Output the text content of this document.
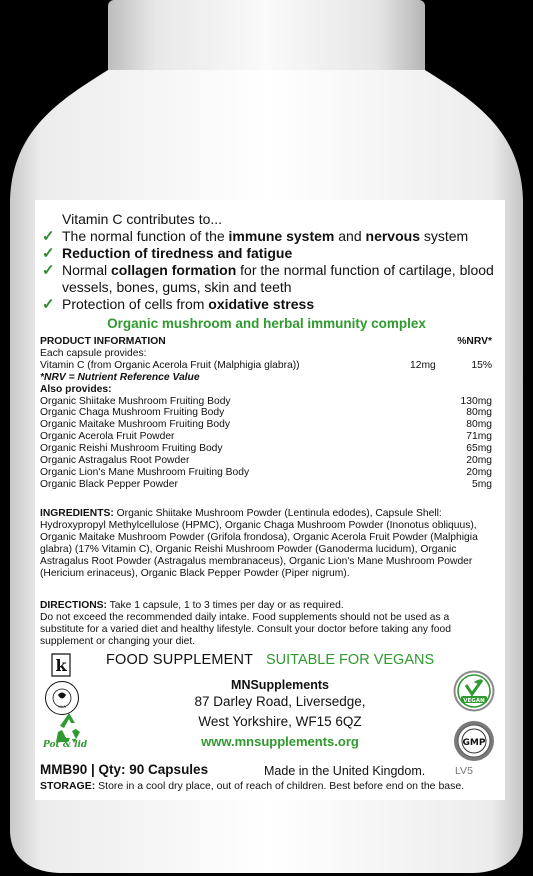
Vitamin C contributes to...
✓ The normal function of the immune system and nervous system
✓ Reduction of tiredness and fatigue
✓ Normal collagen formation for the normal function of cartilage, blood vessels, bones, gums, skin and teeth
✓ Protection of cells from oxidative stress
Organic mushroom and herbal immunity complex
PRODUCT INFORMATION	%NRV*
Each capsule provides:
Vitamin C (from Organic Acerola Fruit (Malphigia glabra))	12mg	15%
*NRV = Nutrient Reference Value
Also provides:
Organic Shiitake Mushroom Fruiting Body	130mg
Organic Chaga Mushroom Fruiting Body	80mg
Organic Maitake Mushroom Fruiting Body	80mg
Organic Acerola Fruit Powder	71mg
Organic Reishi Mushroom Fruiting Body	65mg
Organic Astragalus Root Powder	20mg
Organic Lion's Mane Mushroom Fruiting Body	20mg
Organic Black Pepper Powder	5mg
INGREDIENTS: Organic Shiitake Mushroom Powder (Lentinula edodes), Capsule Shell: Hydroxypropyl Methylcellulose (HPMC), Organic Chaga Mushroom Powder (Inonotus obliquus), Organic Maitake Mushroom Powder (Grifola frondosa), Organic Acerola Fruit Powder (Malphigia glabra) (17% Vitamin C), Organic Reishi Mushroom Powder (Ganoderma lucidum), Organic Astragalus Root Powder (Astragalus membranaceus), Organic Lion's Mane Mushroom Powder (Hericium erinaceus), Organic Black Pepper Powder (Piper nigrum).
DIRECTIONS: Take 1 capsule, 1 to 3 times per day or as required.
Do not exceed the recommended daily intake. Food supplements should not be used as a substitute for a varied diet and healthy lifestyle. Consult your doctor before taking any food supplement or changing your diet.
k
UHA
Pot & lid
FOOD SUPPLEMENT SUITABLE FOR VEGANS
MNSupplements
87 Darley Road, Liversedge,
West Yorkshire, WF15 6QZ
www.mnsupplements.org
VEGAN
GMP
MMB90 | Qty: 90 Capsules	Made in the United Kingdom.	LV5
STORAGE: Store in a cool dry place, out of reach of children. Best before end on the base.
